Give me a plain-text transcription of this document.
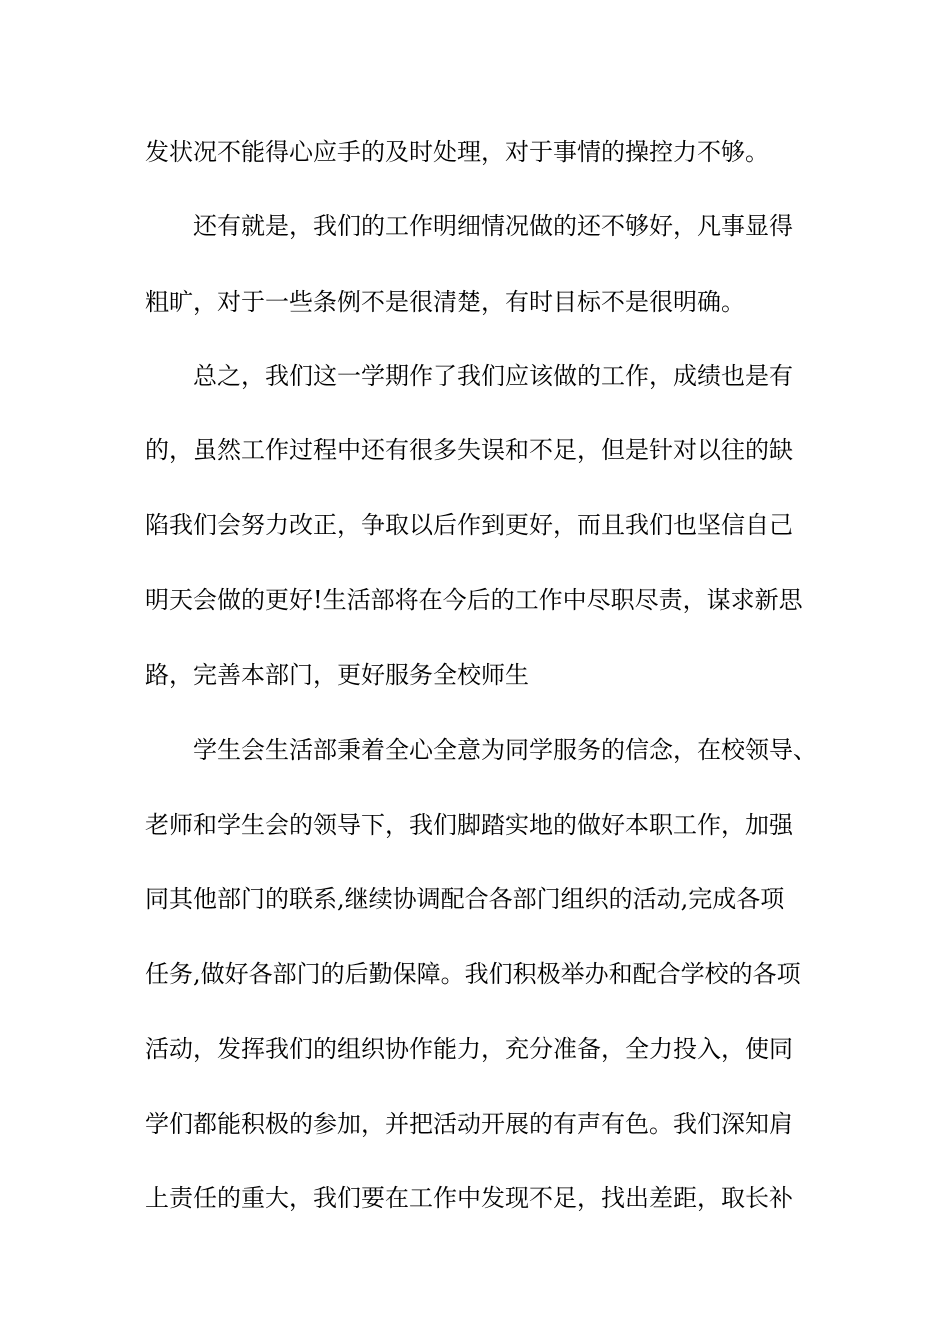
发状况不能得心应手的及时处理，对于事情的操控力不够。
还有就是，我们的工作明细情况做的还不够好，凡事显得
粗旷，对于一些条例不是很清楚，有时目标不是很明确。
总之，我们这一学期作了我们应该做的工作，成绩也是有
的，虽然工作过程中还有很多失误和不足，但是针对以往的缺
陷我们会努力改正，争取以后作到更好，而且我们也坚信自己
明天会做的更好!生活部将在今后的工作中尽职尽责，谋求新思
路，完善本部门，更好服务全校师生
学生会生活部秉着全心全意为同学服务的信念，在校领导、
老师和学生会的领导下，我们脚踏实地的做好本职工作，加强
同其他部门的联系,继续协调配合各部门组织的活动,完成各项
任务,做好各部门的后勤保障。我们积极举办和配合学校的各项
活动，发挥我们的组织协作能力，充分准备，全力投入，使同
学们都能积极的参加，并把活动开展的有声有色。我们深知肩
上责任的重大，我们要在工作中发现不足，找出差距，取长补
